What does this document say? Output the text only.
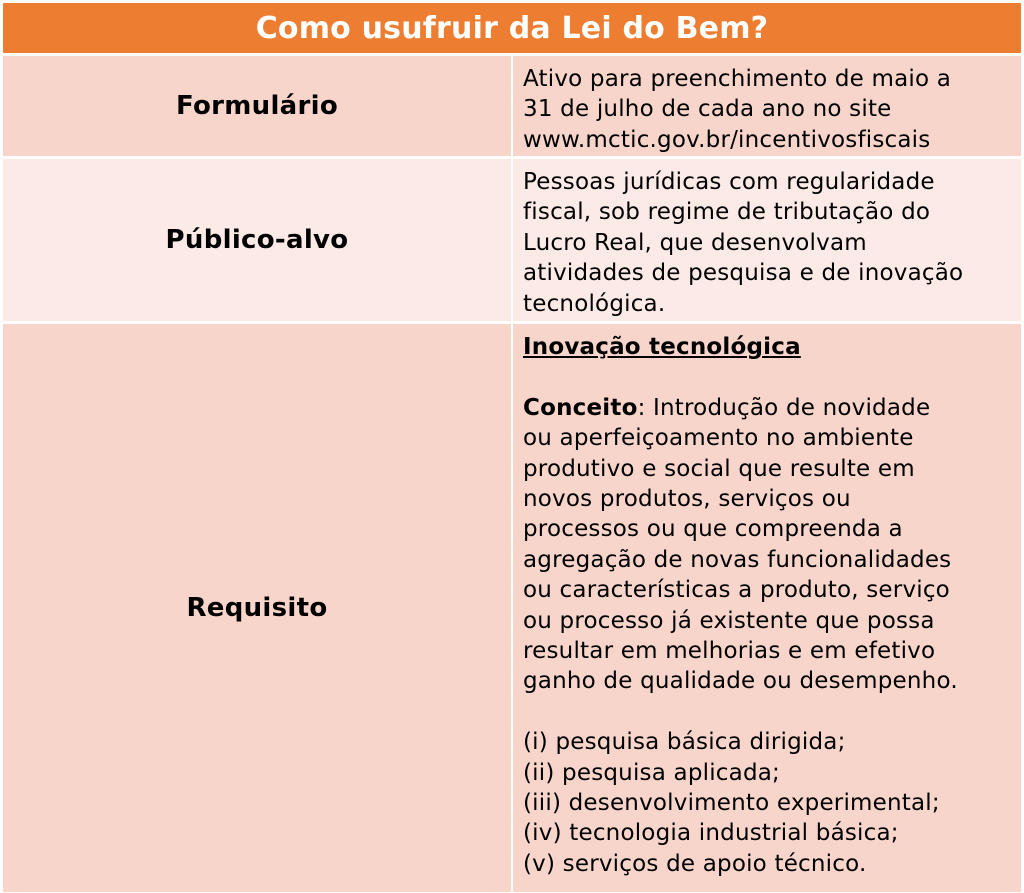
Como usufruir da Lei do Bem?
Formulário
Ativo para preenchimento de maio a
31 de julho de cada ano no site
www.mctic.gov.br/incentivosfiscais
Público-alvo
Pessoas jurídicas com regularidade
fiscal, sob regime de tributação do
Lucro Real, que desenvolvam
atividades de pesquisa e de inovação
tecnológica.
Requisito
Inovação tecnológica
Conceito: Introdução de novidade
ou aperfeiçoamento no ambiente
produtivo e social que resulte em
novos produtos, serviços ou
processos ou que compreenda a
agregação de novas funcionalidades
ou características a produto, serviço
ou processo já existente que possa
resultar em melhorias e em efetivo
ganho de qualidade ou desempenho.
(i) pesquisa básica dirigida;
(ii) pesquisa aplicada;
(iii) desenvolvimento experimental;
(iv) tecnologia industrial básica;
(v) serviços de apoio técnico.
